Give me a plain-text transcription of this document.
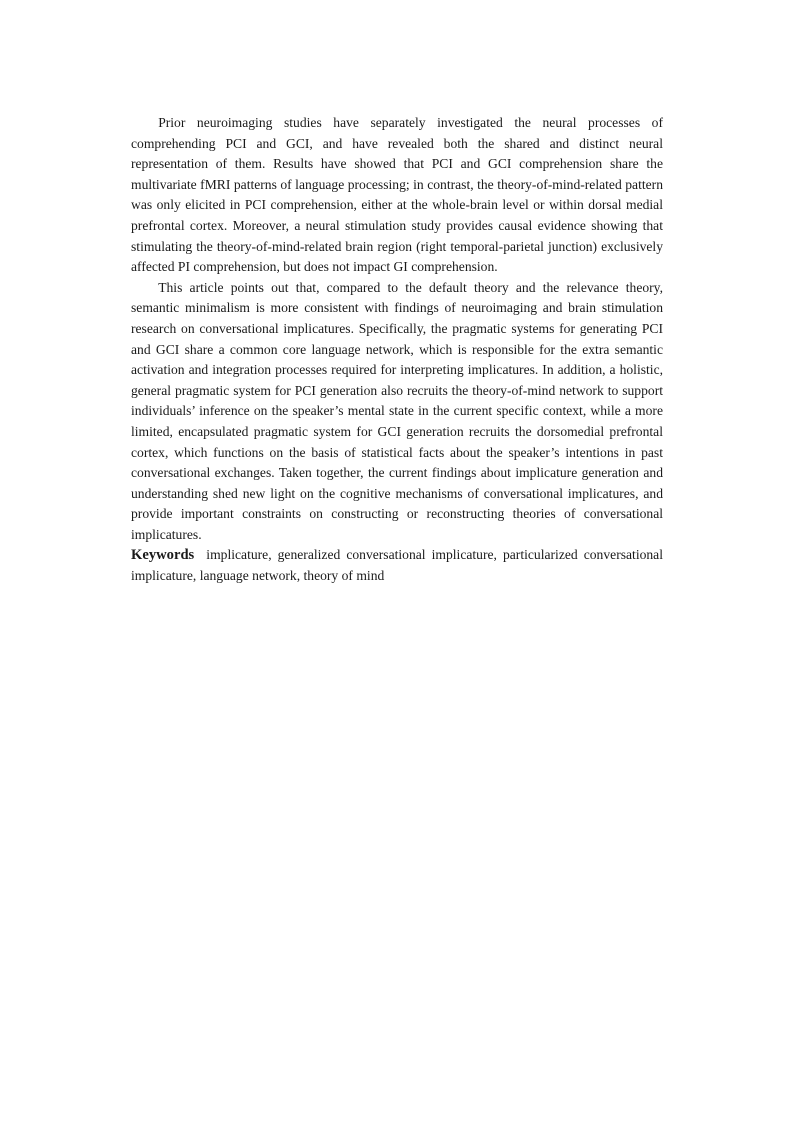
Prior neuroimaging studies have separately investigated the neural processes of comprehending PCI and GCI, and have revealed both the shared and distinct neural representation of them. Results have showed that PCI and GCI comprehension share the multivariate fMRI patterns of language processing; in contrast, the theory-of-mind-related pattern was only elicited in PCI comprehension, either at the whole-brain level or within dorsal medial prefrontal cortex. Moreover, a neural stimulation study provides causal evidence showing that stimulating the theory-of-mind-related brain region (right temporal-parietal junction) exclusively affected PI comprehension, but does not impact GI comprehension.

This article points out that, compared to the default theory and the relevance theory, semantic minimalism is more consistent with findings of neuroimaging and brain stimulation research on conversational implicatures. Specifically, the pragmatic systems for generating PCI and GCI share a common core language network, which is responsible for the extra semantic activation and integration processes required for interpreting implicatures. In addition, a holistic, general pragmatic system for PCI generation also recruits the theory-of-mind network to support individuals’ inference on the speaker’s mental state in the current specific context, while a more limited, encapsulated pragmatic system for GCI generation recruits the dorsomedial prefrontal cortex, which functions on the basis of statistical facts about the speaker’s intentions in past conversational exchanges. Taken together, the current findings about implicature generation and understanding shed new light on the cognitive mechanisms of conversational implicatures, and provide important constraints on constructing or reconstructing theories of conversational implicatures.

Keywords implicature, generalized conversational implicature, particularized conversational implicature, language network, theory of mind
